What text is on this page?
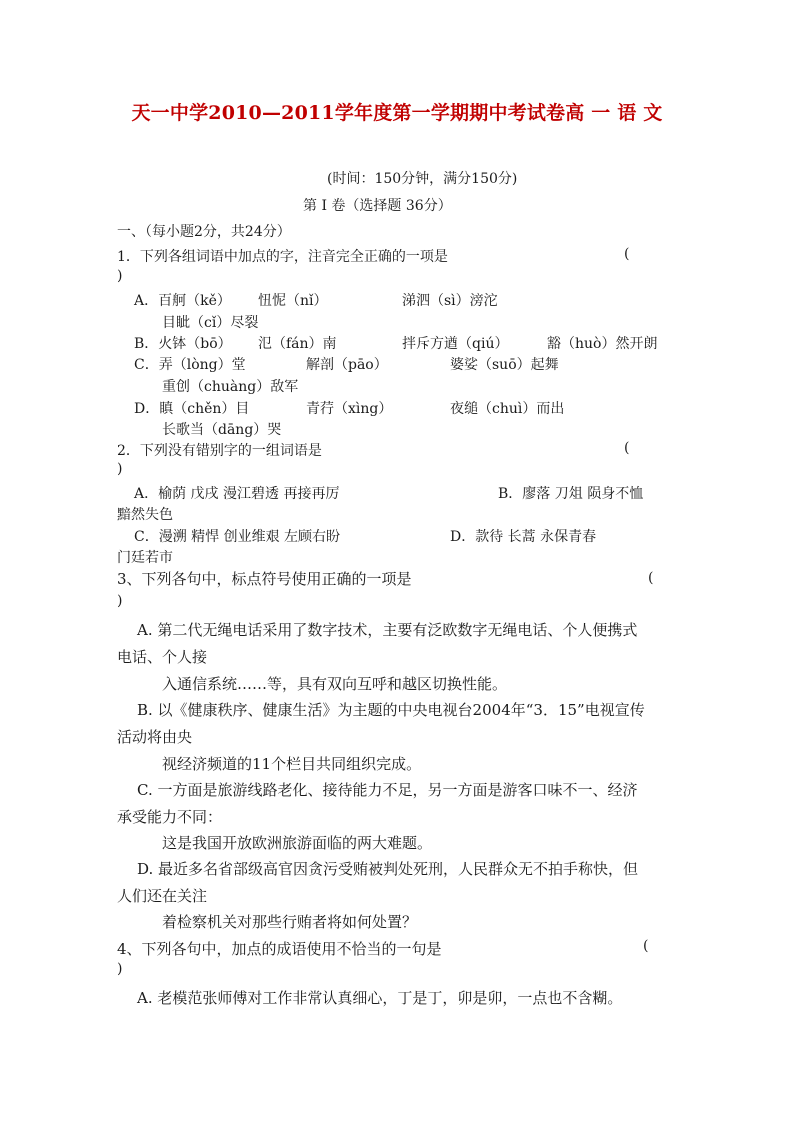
天一中学2010—2011学年度第一学期期中考试卷高 一 语 文
(时间：150分钟，满分150分)
第 I 卷（选择题 36分）
一、（每小题2分，共24分）
1．下列各组词语中加点的字，注音完全正确的一项是	(
)
A．百舸（kě） 忸怩（nǐ）	涕泗（sì）滂沱
目眦（cǐ）尽裂
B．火钵（bō） 氾（fán）南	拌斥方遒（qiú）	豁（huò）然开朗
C．弄（lòng）堂	解剖（pāo）	婆娑（suō）起舞
重创（chuàng）敌军
D．瞋（chěn）目	青荇（xìng）	夜缒（chuì）而出
长歌当（dāng）哭
2．下列没有错别字的一组词语是	(
)
A．榆荫 戊戌 漫江碧透 再接再厉	B．廖落 刀俎 陨身不恤
黯然失色
C．漫溯 精悍 创业维艰 左顾右盼	D．款待 长蒿 永保青春
门廷若市
3、下列各句中，标点符号使用正确的一项是	(
)
A. 第二代无绳电话采用了数字技术，主要有泛欧数字无绳电话、个人便携式
电话、个人接
入通信系统……等，具有双向互呼和越区切换性能。
B. 以《健康秩序、健康生活》为主题的中央电视台2004年“3．15”电视宣传
活动将由央
视经济频道的11个栏目共同组织完成。
C. 一方面是旅游线路老化、接待能力不足，另一方面是游客口味不一、经济
承受能力不同：
这是我国开放欧洲旅游面临的两大难题。
D. 最近多名省部级高官因贪污受贿被判处死刑，人民群众无不拍手称快，但
人们还在关注
着检察机关对那些行贿者将如何处置？
4、下列各句中，加点的成语使用不恰当的一句是	(
)
A. 老模范张师傅对工作非常认真细心，丁是丁，卯是卯，一点也不含糊。
